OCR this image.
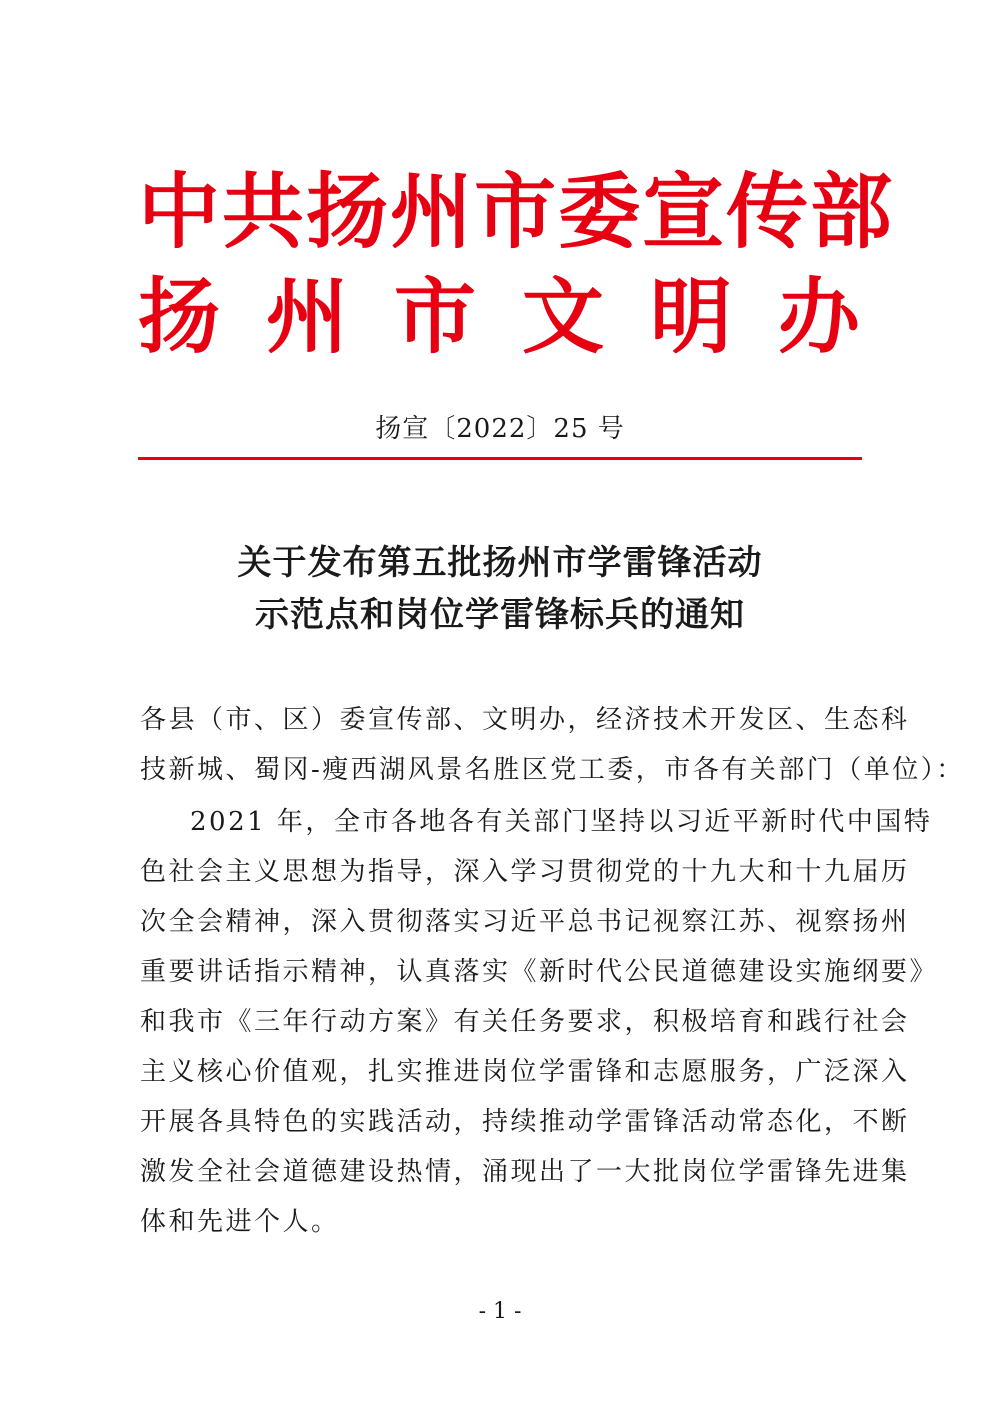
中 共 扬 州 市 委 宣 传 部
扬 州 市 文 明 办
扬宣〔2022〕25 号
关于发布第五批扬州市学雷锋活动
示范点和岗位学雷锋标兵的通知
各县（市、区）委宣传部、文明办，经济技术开发区、生态科
技新城、蜀冈-瘦西湖风景名胜区党工委，市各有关部门（单位）：
2021 年，全市各地各有关部门坚持以习近平新时代中国特
色社会主义思想为指导，深入学习贯彻党的十九大和十九届历
次全会精神，深入贯彻落实习近平总书记视察江苏、视察扬州
重要讲话指示精神，认真落实《新时代公民道德建设实施纲要》
和我市《三年行动方案》有关任务要求，积极培育和践行社会
主义核心价值观，扎实推进岗位学雷锋和志愿服务，广泛深入
开展各具特色的实践活动，持续推动学雷锋活动常态化，不断
激发全社会道德建设热情，涌现出了一大批岗位学雷锋先进集
体和先进个人。
- 1 -
